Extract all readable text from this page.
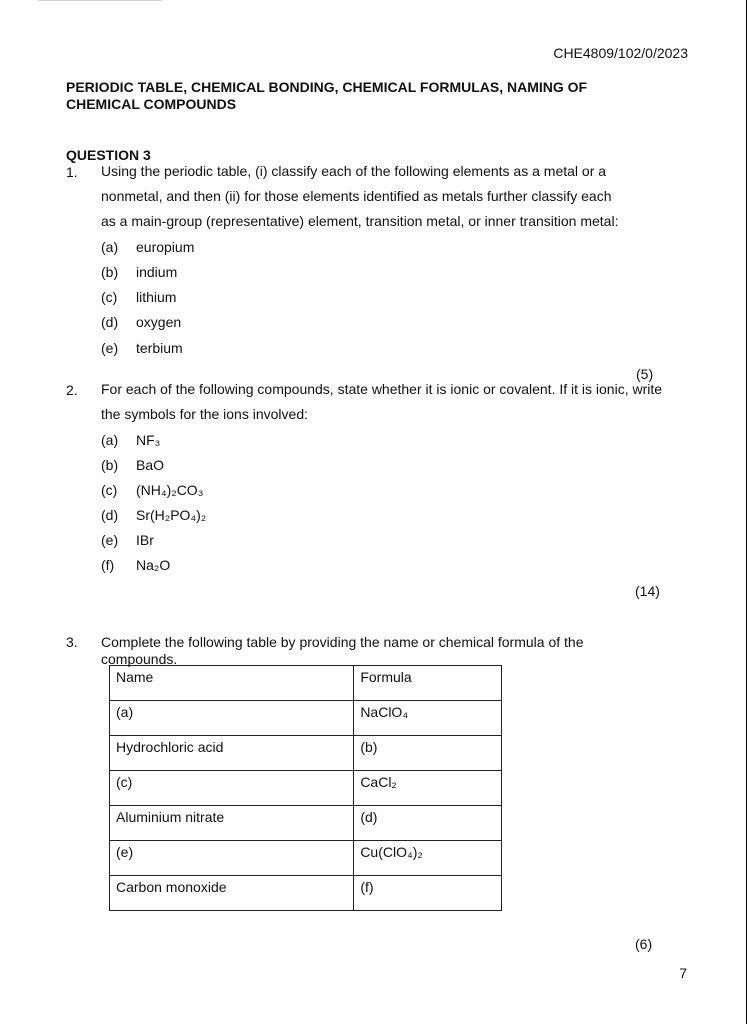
CHE4809/102/0/2023
PERIODIC TABLE, CHEMICAL BONDING, CHEMICAL FORMULAS, NAMING OF
CHEMICAL COMPOUNDS
QUESTION 3
1. Using the periodic table, (i) classify each of the following elements as a metal or a
nonmetal, and then (ii) for those elements identified as metals further classify each
as a main-group (representative) element, transition metal, or inner transition metal:
(a) europium
(b) indium
(c) lithium
(d) oxygen
(e) terbium
(5)
2. For each of the following compounds, state whether it is ionic or covalent. If it is ionic, write
the symbols for the ions involved:
(a) NF₃
(b) BaO
(c) (NH₄)₂CO₃
(d) Sr(H₂PO₄)₂
(e) IBr
(f) Na₂O
(14)
3. Complete the following table by providing the name or chemical formula of the
compounds.
Name	Formula
(a)	NaClO₄
Hydrochloric acid	(b)
(c)	CaCl₂
Aluminium nitrate	(d)
(e)	Cu(ClO₄)₂
Carbon monoxide	(f)
(6)
7
